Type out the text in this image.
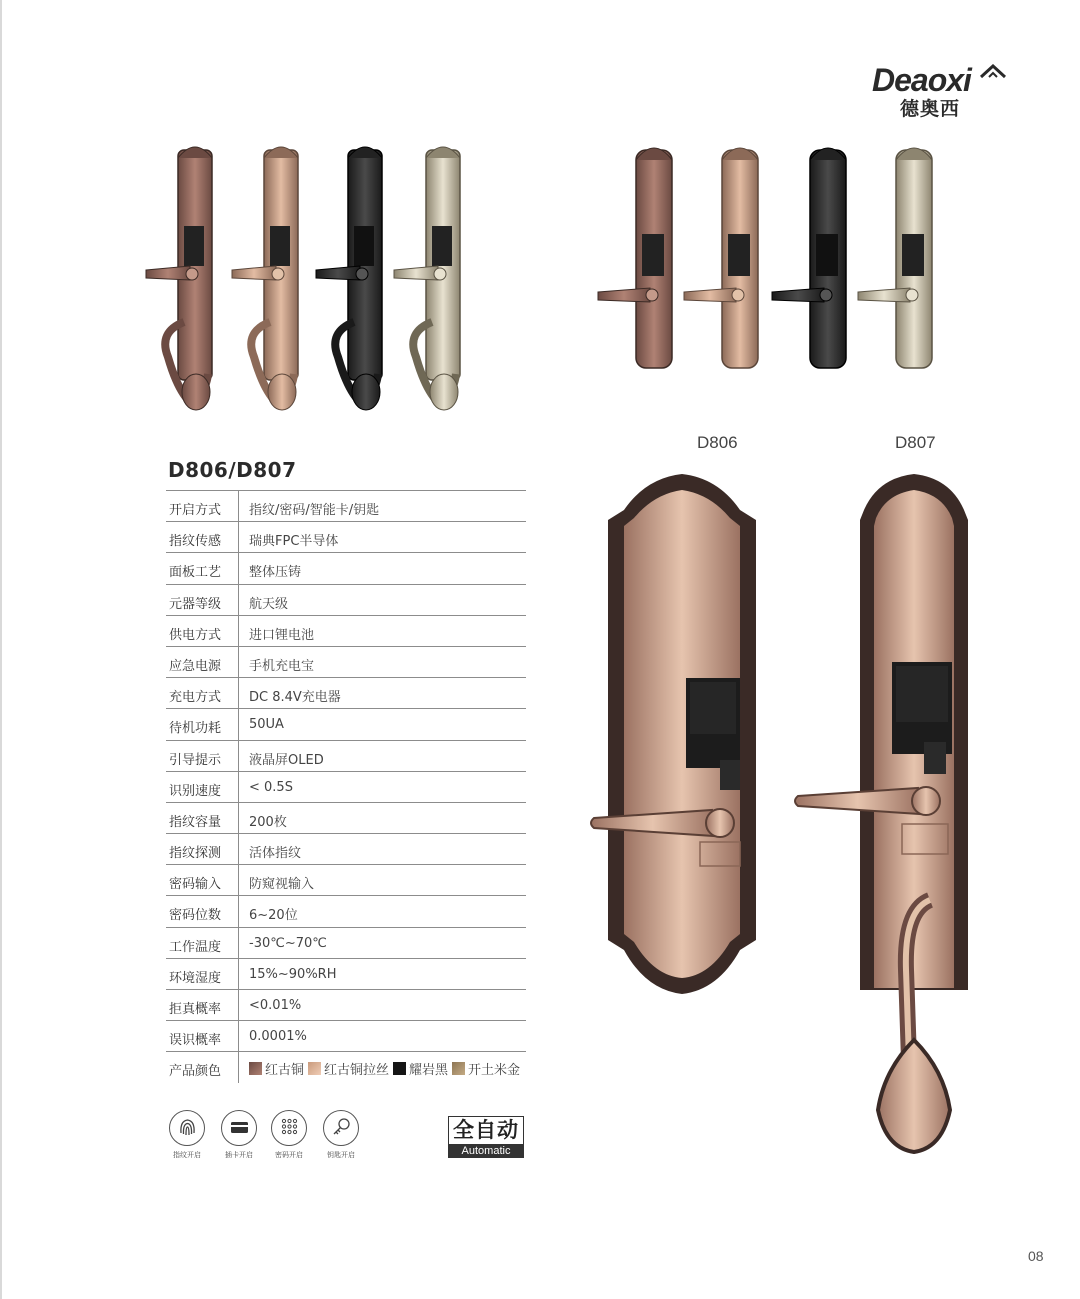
Deaoxi
德奥西
D806	D807
D806/D807
开启方式 指纹/密码/智能卡/钥匙
指纹传感 瑞典FPC半导体
面板工艺 整体压铸
元器等级 航天级
供电方式 进口锂电池
应急电源 手机充电宝
充电方式 DC 8.4V充电器
待机功耗 50UA
引导提示 液晶屏OLED
识别速度 < 0.5S
指纹容量 200枚
指纹探测 活体指纹
密码输入 防窥视输入
密码位数 6~20位
工作温度 -30℃~70℃
环境湿度 15%~90%RH
拒真概率 <0.01%
误识概率 0.0001%
产品颜色	红古铜 红古铜拉丝 耀岩黑 开土米金
指纹开启	插卡开启	密码开启	钥匙开启
全自动
Automatic
08
